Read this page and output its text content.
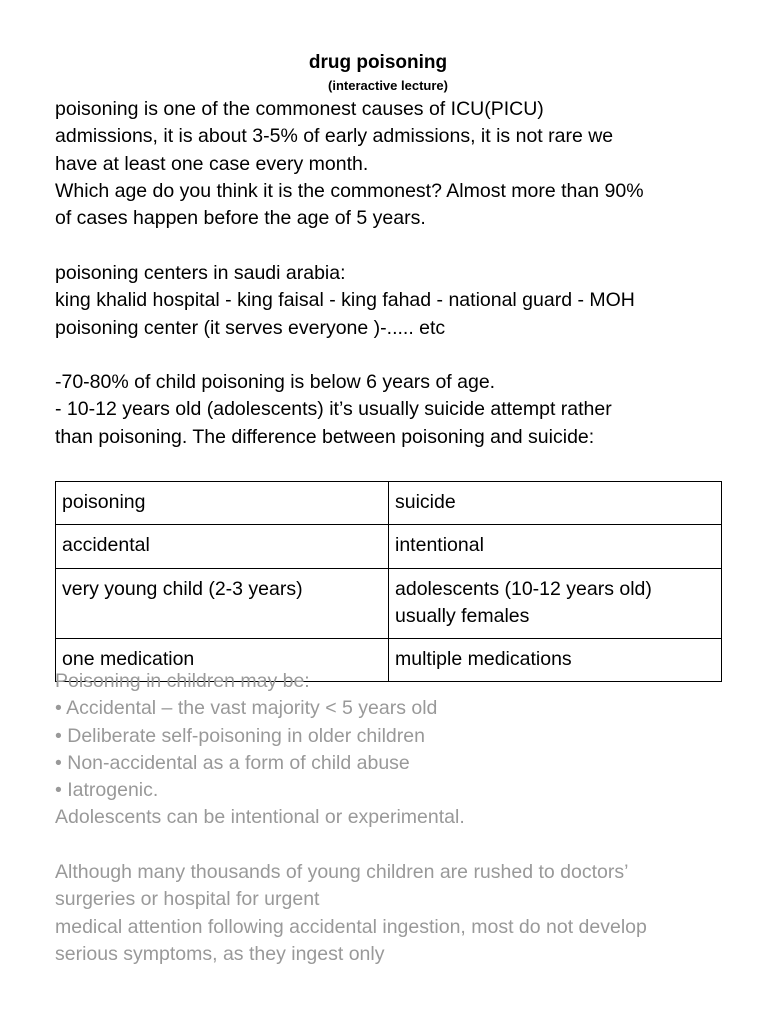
drug poisoning
(interactive lecture)
poisoning is one of the commonest causes of ICU(PICU)
admissions, it is about 3-5% of early admissions, it is not rare we
have at least one case every month.
Which age do you think it is the commonest? Almost more than 90%
of cases happen before the age of 5 years.
poisoning centers in saudi arabia:
king khalid hospital - king faisal - king fahad - national guard - MOH
poisoning center (it serves everyone )-..... etc
-70-80% of child poisoning is below 6 years of age.
- 10-12 years old (adolescents) it’s usually suicide attempt rather
than poisoning. The difference between poisoning and suicide:
poisoning	suicide

accidental	intentional

very young child (2-3 years)	adolescents (10-12 years old)
usually females

one medication	multiple medications
Poisoning in children may be:
• Accidental – the vast majority < 5 years old
• Deliberate self-poisoning in older children
• Non-accidental as a form of child abuse
• Iatrogenic.
Adolescents can be intentional or experimental.
Although many thousands of young children are rushed to doctors’
surgeries or hospital for urgent
medical attention following accidental ingestion, most do not develop
serious symptoms, as they ingest only
